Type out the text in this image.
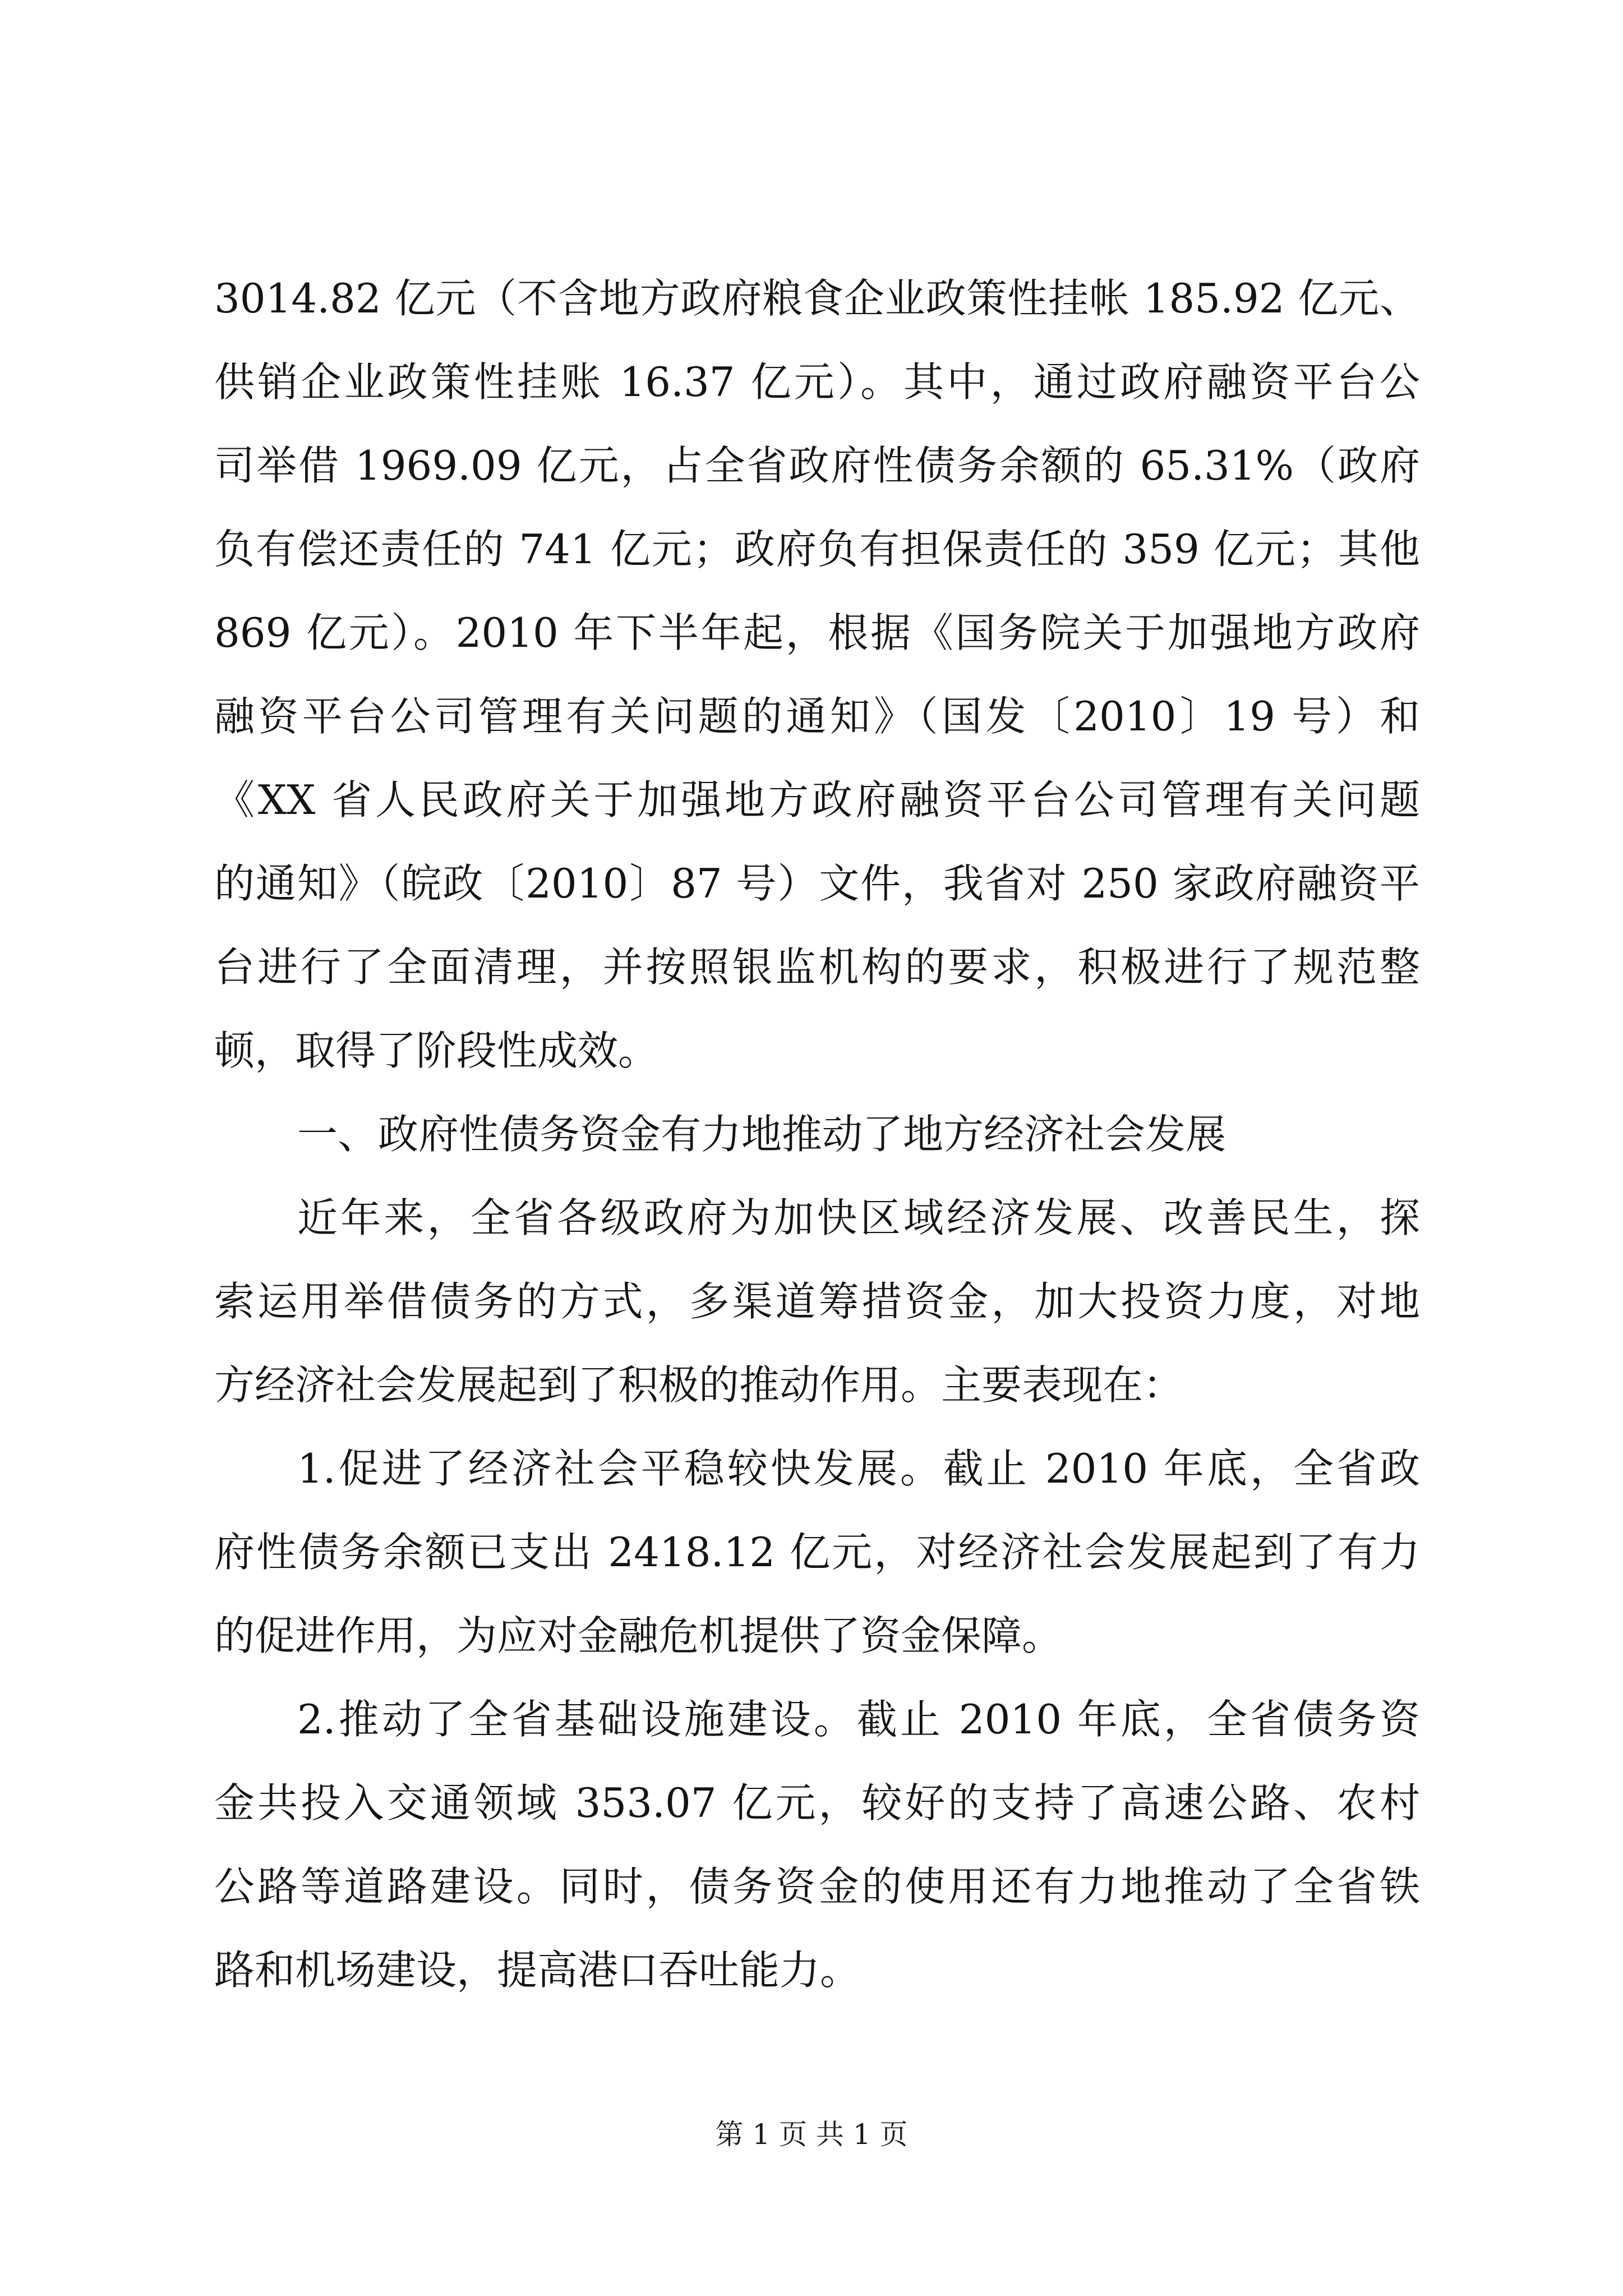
3014.82 亿元（不含地方政府粮食企业政策性挂帐 185.92 亿元、
供销企业政策性挂账 16.37 亿元）。其中，通过政府融资平台公
司举借 1969.09 亿元，占全省政府性债务余额的 65.31%（政府
负有偿还责任的 741 亿元；政府负有担保责任的 359 亿元；其他
869 亿元）。2010 年下半年起，根据《国务院关于加强地方政府
融资平台公司管理有关问题的通知》（国发〔2010〕19 号）和
《XX 省人民政府关于加强地方政府融资平台公司管理有关问题
的通知》（皖政〔2010〕87 号）文件，我省对 250 家政府融资平
台进行了全面清理，并按照银监机构的要求，积极进行了规范整
顿，取得了阶段性成效。
一、政府性债务资金有力地推动了地方经济社会发展
近年来，全省各级政府为加快区域经济发展、改善民生，探
索运用举借债务的方式，多渠道筹措资金，加大投资力度，对地
方经济社会发展起到了积极的推动作用。主要表现在：
1.促进了经济社会平稳较快发展。截止 2010 年底，全省政
府性债务余额已支出 2418.12 亿元，对经济社会发展起到了有力
的促进作用，为应对金融危机提供了资金保障。
2.推动了全省基础设施建设。截止 2010 年底，全省债务资
金共投入交通领域 353.07 亿元，较好的支持了高速公路、农村
公路等道路建设。同时，债务资金的使用还有力地推动了全省铁
路和机场建设，提高港口吞吐能力。
第 1 页 共 1 页
